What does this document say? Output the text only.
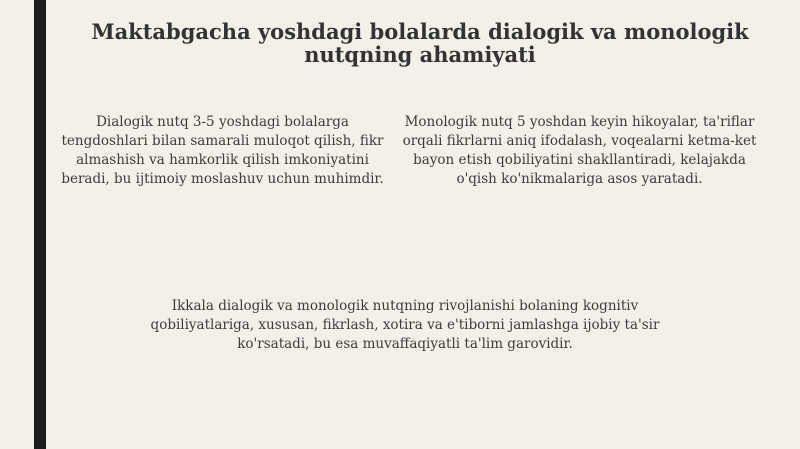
Maktabgacha yoshdagi bolalarda dialogik va monologik nutqning ahamiyati

Dialogik nutq 3-5 yoshdagi bolalarga tengdoshlari bilan samarali muloqot qilish, fikr almashish va hamkorlik qilish imkoniyatini beradi, bu ijtimoiy moslashuv uchun muhimdir.

Monologik nutq 5 yoshdan keyin hikoyalar, ta'riflar orqali fikrlarni aniq ifodalash, voqealarni ketma-ket bayon etish qobiliyatini shakllantiradi, kelajakda o'qish ko'nikmalariga asos yaratadi.

Ikkala dialogik va monologik nutqning rivojlanishi bolaning kognitiv qobiliyatlariga, xususan, fikrlash, xotira va e'tiborni jamlashga ijobiy ta'sir ko'rsatadi, bu esa muvaffaqiyatli ta'lim garovidir.
